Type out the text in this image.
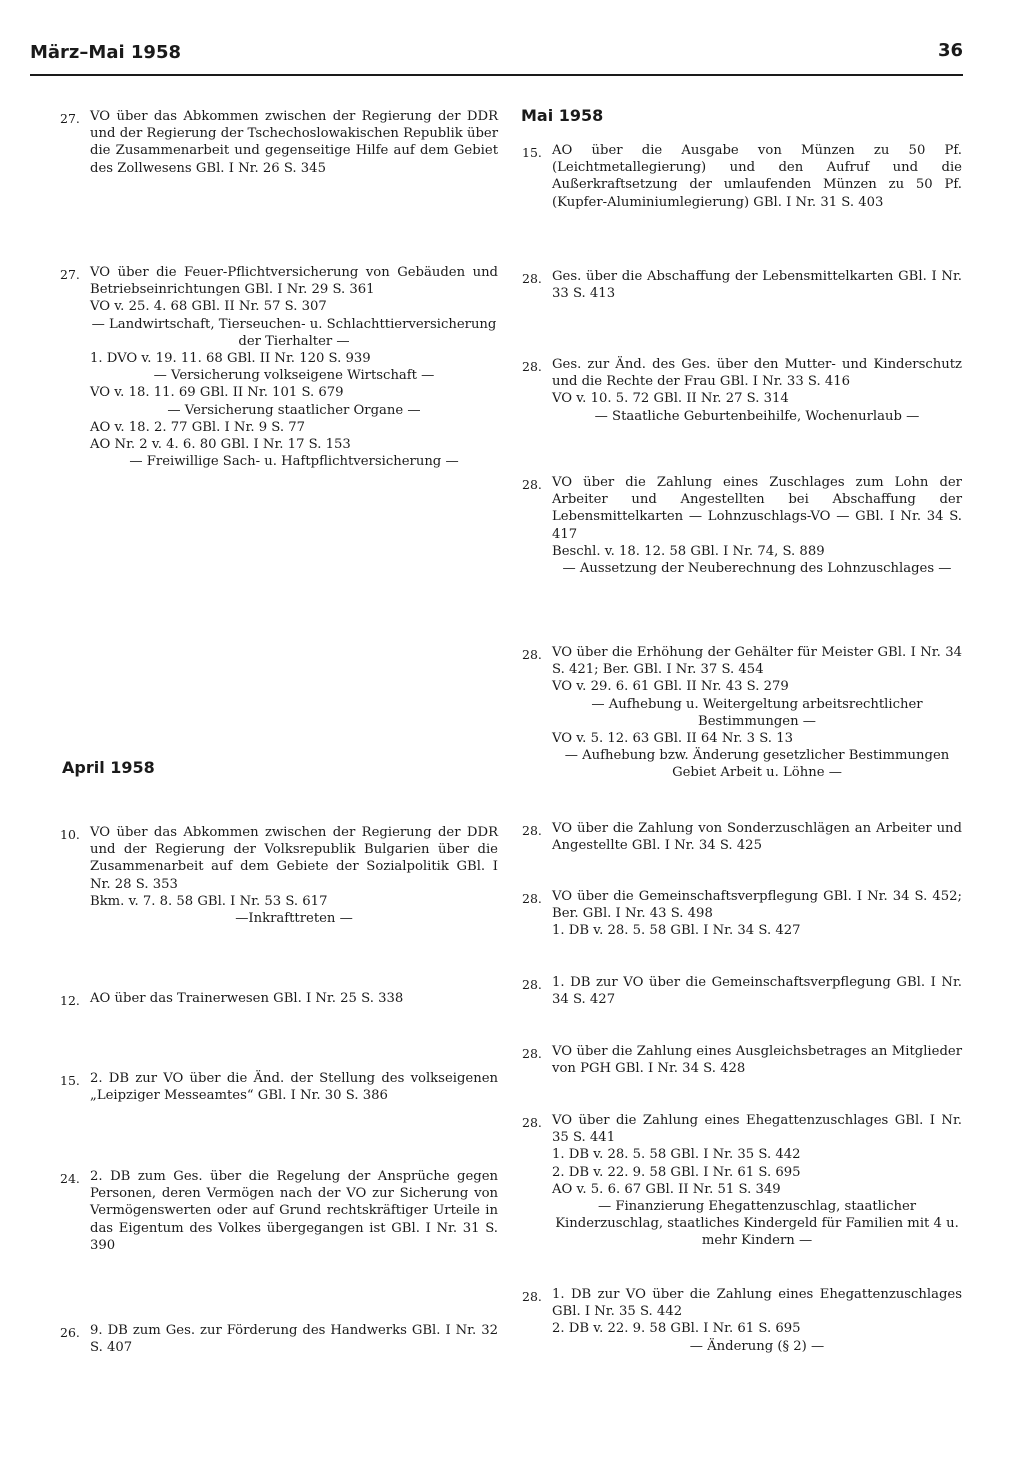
März–Mai 1958	36
Mai 1958
April 1958
27. VO über das Abkommen zwischen der Regierung der DDR und der Regierung der Tschechoslowakischen Republik über die Zusammenarbeit und gegenseitige Hilfe auf dem Gebiet des Zollwesens GBl. I Nr. 26 S. 345
27. VO über die Feuer-Pflichtversicherung von Gebäuden und Betriebseinrichtungen GBl. I Nr. 29 S. 361
VO v. 25. 4. 68 GBl. II Nr. 57 S. 307
— Landwirtschaft, Tierseuchen- u. Schlachttierversicherung der Tierhalter —
1. DVO v. 19. 11. 68 GBl. II Nr. 120 S. 939
— Versicherung volkseigene Wirtschaft —
VO v. 18. 11. 69 GBl. II Nr. 101 S. 679
— Versicherung staatlicher Organe —
AO v. 18. 2. 77 GBl. I Nr. 9 S. 77
AO Nr. 2 v. 4. 6. 80 GBl. I Nr. 17 S. 153
— Freiwillige Sach- u. Haftpflichtversicherung —
10. VO über das Abkommen zwischen der Regierung der DDR und der Regierung der Volksrepublik Bulgarien über die Zusammenarbeit auf dem Gebiete der Sozialpolitik GBl. I Nr. 28 S. 353
Bkm. v. 7. 8. 58 GBl. I Nr. 53 S. 617
—Inkrafttreten —
12. AO über das Trainerwesen GBl. I Nr. 25 S. 338
15. 2. DB zur VO über die Änd. der Stellung des volkseigenen „Leipziger Messeamtes“ GBl. I Nr. 30 S. 386
24. 2. DB zum Ges. über die Regelung der Ansprüche gegen Personen, deren Vermögen nach der VO zur Sicherung von Vermögenswerten oder auf Grund rechtskräftiger Urteile in das Eigentum des Volkes übergegangen ist GBl. I Nr. 31 S. 390
26. 9. DB zum Ges. zur Förderung des Handwerks GBl. I Nr. 32 S. 407
15. AO über die Ausgabe von Münzen zu 50 Pf. (Leichtmetallegierung) und den Aufruf und die Außerkraftsetzung der umlaufenden Münzen zu 50 Pf. (Kupfer-Aluminiumlegierung) GBl. I Nr. 31 S. 403
28. Ges. über die Abschaffung der Lebensmittelkarten GBl. I Nr. 33 S. 413
28. Ges. zur Änd. des Ges. über den Mutter- und Kinderschutz und die Rechte der Frau GBl. I Nr. 33 S. 416
VO v. 10. 5. 72 GBl. II Nr. 27 S. 314
— Staatliche Geburtenbeihilfe, Wochenurlaub —
28. VO über die Zahlung eines Zuschlages zum Lohn der Arbeiter und Angestellten bei Abschaffung der Lebensmittelkarten — Lohnzuschlags-VO — GBl. I Nr. 34 S. 417
Beschl. v. 18. 12. 58 GBl. I Nr. 74, S. 889
— Aussetzung der Neuberechnung des Lohnzuschlages —
28. VO über die Erhöhung der Gehälter für Meister GBl. I Nr. 34 S. 421; Ber. GBl. I Nr. 37 S. 454
VO v. 29. 6. 61 GBl. II Nr. 43 S. 279
— Aufhebung u. Weitergeltung arbeitsrechtlicher Bestimmungen —
VO v. 5. 12. 63 GBl. II 64 Nr. 3 S. 13
— Aufhebung bzw. Änderung gesetzlicher Bestimmungen Gebiet Arbeit u. Löhne —
28. VO über die Zahlung von Sonderzuschlägen an Arbeiter und Angestellte GBl. I Nr. 34 S. 425
28. VO über die Gemeinschaftsverpflegung GBl. I Nr. 34 S. 452; Ber. GBl. I Nr. 43 S. 498
1. DB v. 28. 5. 58 GBl. I Nr. 34 S. 427
28. 1. DB zur VO über die Gemeinschaftsverpflegung GBl. I Nr. 34 S. 427
28. VO über die Zahlung eines Ausgleichsbetrages an Mitglieder von PGH GBl. I Nr. 34 S. 428
28. VO über die Zahlung eines Ehegattenzuschlages GBl. I Nr. 35 S. 441
1. DB v. 28. 5. 58 GBl. I Nr. 35 S. 442
2. DB v. 22. 9. 58 GBl. I Nr. 61 S. 695
AO v. 5. 6. 67 GBl. II Nr. 51 S. 349
— Finanzierung Ehegattenzuschlag, staatlicher Kinderzuschlag, staatliches Kindergeld für Familien mit 4 u. mehr Kindern —
28. 1. DB zur VO über die Zahlung eines Ehegattenzuschlages GBl. I Nr. 35 S. 442
2. DB v. 22. 9. 58 GBl. I Nr. 61 S. 695
— Änderung (§ 2) —
